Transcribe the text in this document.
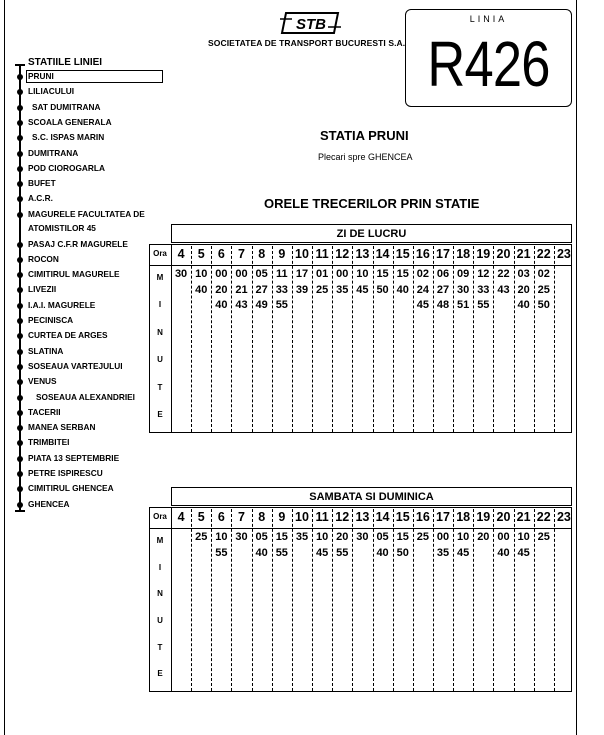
STB
SOCIETATEA DE TRANSPORT BUCURESTI S.A.
LINIA
R426
STATIILE LINIEI
PRUNI
LILIACULUI
SAT DUMITRANA
SCOALA GENERALA
S.C. ISPAS MARIN
DUMITRANA
POD CIOROGARLA
BUFET
A.C.R.
MAGURELE FACULTATEA DE
ATOMISTILOR 45
PASAJ C.F.R MAGURELE
ROCON
CIMITIRUL MAGURELE
LIVEZII
I.A.I. MAGURELE
PECINISCA
CURTEA DE ARGES
SLATINA
SOSEAUA VARTEJULUI
VENUS
SOSEAUA ALEXANDRIEI
TACERII
MANEA SERBAN
TRIMBITEI
PIATA 13 SEPTEMBRIE
PETRE ISPIRESCU
CIMITIRUL GHENCEA
GHENCEA
STATIA PRUNI
Plecari spre GHENCEA
ORELE TRECERILOR PRIN STATIE
ZI DE LUCRU
Ora
M
I
N
U
T
E
4
30
5
10
40
6
00
20
40
7
00
21
43
8
05
27
49
9
11
33
55
10
17
39
11
01
25
12
00
35
13
10
45
14
15
50
15
15
40
16
02
24
45
17
06
27
48
18
09
30
51
19
12
33
55
20
22
43
21
03
20
40
22
02
25
50
23
SAMBATA SI DUMINICA
Ora
M
I
N
U
T
E
4	5
25
6
10
55
7
30
8
05
40
9
15
55
10
35
11
10
45
12
20
55
13
30
14
05
40
15
15
50
16
25
17
00
35
18
10
45
19
20
20
00
40
21
10
45
22
25
23
